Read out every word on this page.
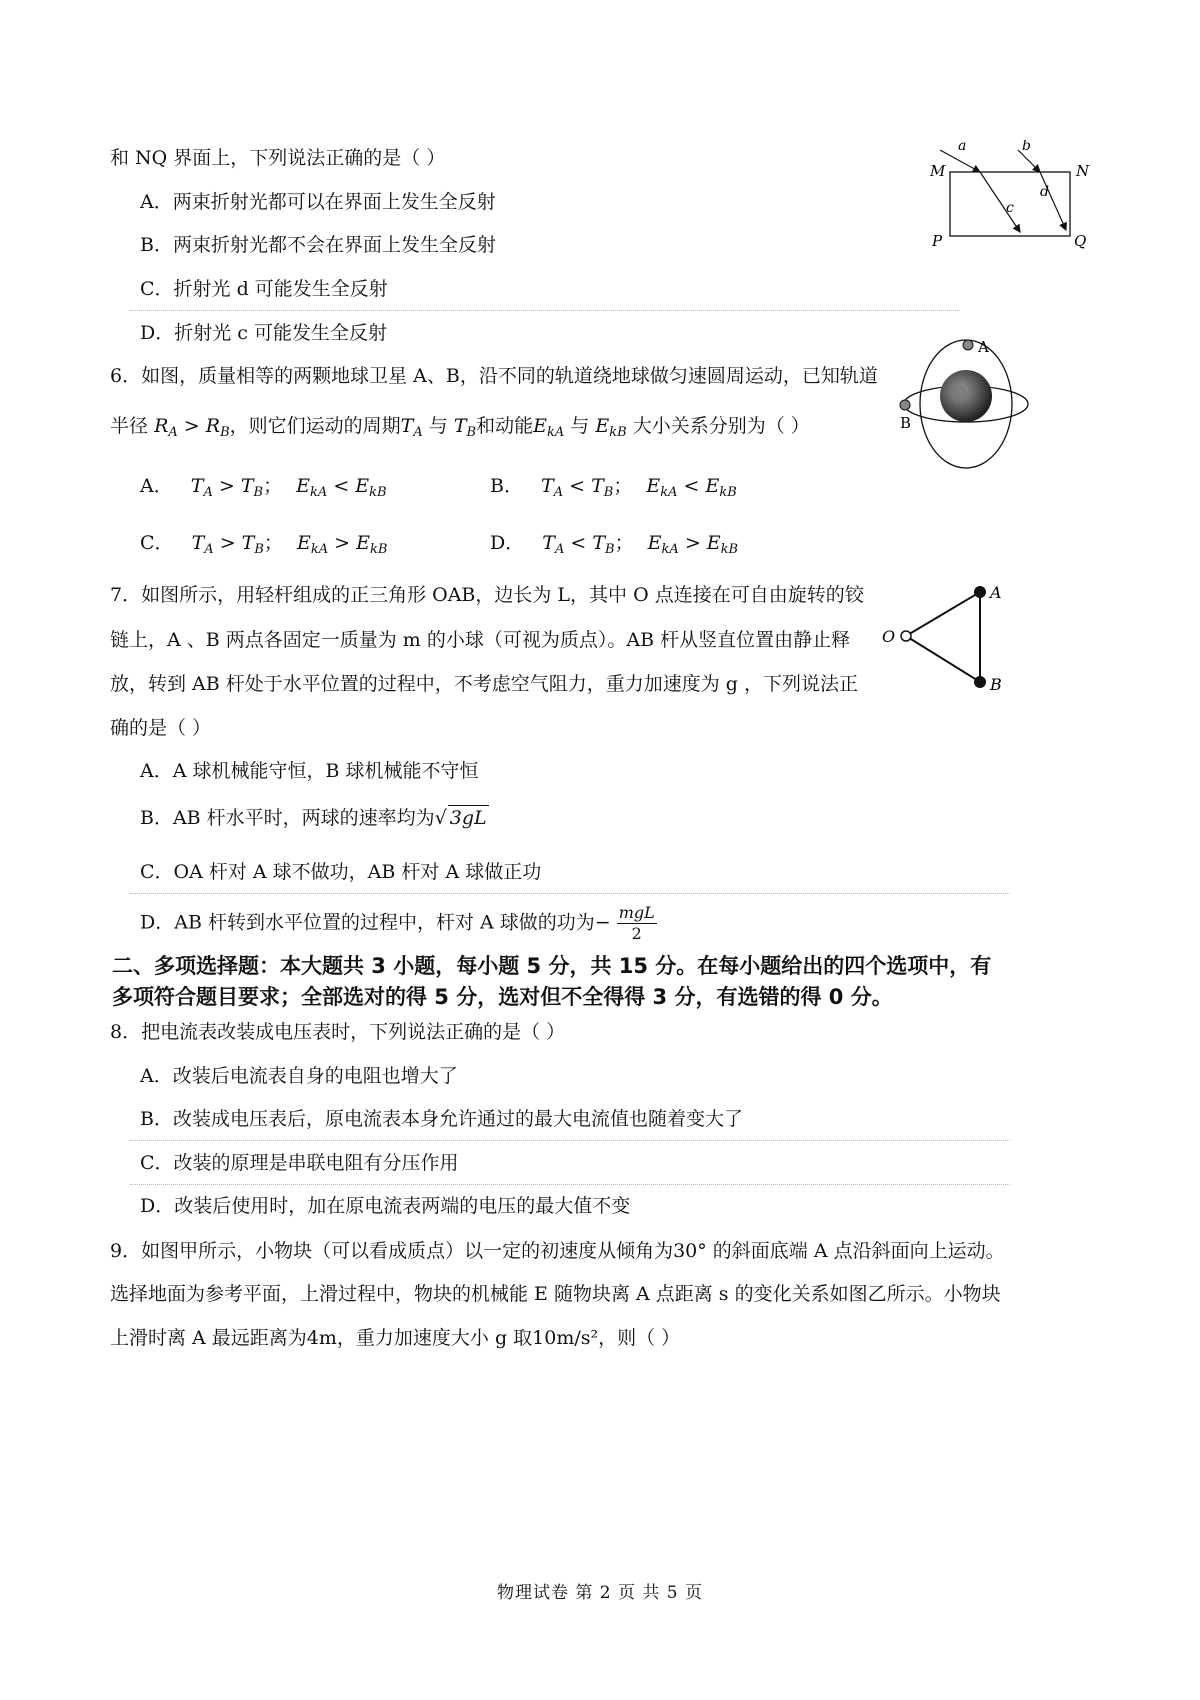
和 NQ 界面上，下列说法正确的是（ ）
A．两束折射光都可以在界面上发生全反射
B．两束折射光都不会在界面上发生全反射
C．折射光 d 可能发生全反射
D．折射光 c 可能发生全反射
a	b
c
d
M	N
P	Q
6．如图，质量相等的两颗地球卫星 A、B，沿不同的轨道绕地球做匀速圆周运动，已知轨道
半径 $R_A > R_B$，则它们运动的周期$T_A$ 与 $T_B$和动能$E_{kA}$ 与 $E_{kB}$ 大小关系分别为（ ）
A． $T_A > T_B$； $E_{kA} < E_{kB}$	B． $T_A < T_B$； $E_{kA} < E_{kB}$
C． $T_A > T_B$； $E_{kA} > E_{kB}$	D． $T_A < T_B$； $E_{kA} > E_{kB}$
A
B
7．如图所示，用轻杆组成的正三角形 OAB，边长为 L，其中 O 点连接在可自由旋转的铰
链上，A 、B 两点各固定一质量为 m 的小球（可视为质点）。AB 杆从竖直位置由静止释
放，转到 AB 杆处于水平位置的过程中，不考虑空气阻力，重力加速度为 g ，下列说法正
确的是（ ）
A．A 球机械能守恒，B 球机械能不守恒
B．AB 杆水平时，两球的速率均为√ 3gL
C．OA 杆对 A 球不做功，AB 杆对 A 球做正功
D．AB 杆转到水平位置的过程中，杆对 A 球做的功为− $\frac{\text{mgL}}{2}$
O
A
B
二、多项选择题：本大题共 3 小题，每小题 5 分，共 15 分。在每小题给出的四个选项中，有
多项符合题目要求；全部选对的得 5 分，选对但不全得得 3 分，有选错的得 0 分。
8．把电流表改装成电压表时，下列说法正确的是（ ）
A．改装后电流表自身的电阻也增大了
B．改装成电压表后，原电流表本身允许通过的最大电流值也随着变大了
C．改装的原理是串联电阻有分压作用
D．改装后使用时，加在原电流表两端的电压的最大值不变
9．如图甲所示，小物块（可以看成质点）以一定的初速度从倾角为30° 的斜面底端 A 点沿斜面向上运动。
选择地面为参考平面，上滑过程中，物块的机械能 E 随物块离 A 点距离 s 的变化关系如图乙所示。小物块
上滑时离 A 最远距离为4m，重力加速度大小 g 取10m/s²，则（ ）
物理试卷 第 2 页 共 5 页
